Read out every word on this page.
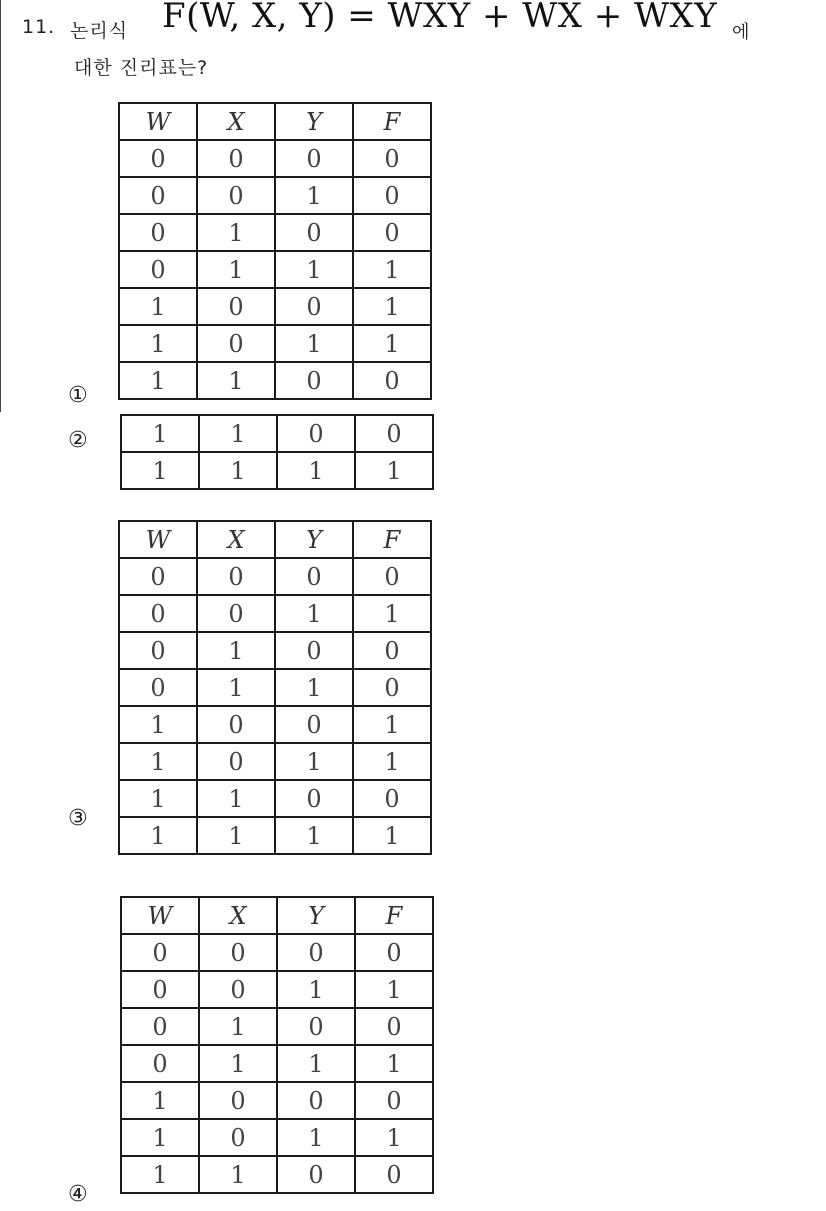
11. 논리식 F(W, X, Y) = WXY + WX + WXY 에
대한 진리표는?
W	X	Y	F
0	0	0	0
0	0	1	0
0	1	0	0
0	1	1	1
1	0	0	1
1	0	1	1
1	1	0	0
①
1	1	0	0
1	1	1	1
②
W	X	Y	F
0	0	0	0
0	0	1	1
0	1	0	0
0	1	1	0
1	0	0	1
1	0	1	1
1	1	0	0
1	1	1	1
③
W	X	Y	F
0	0	0	0
0	0	1	1
0	1	0	0
0	1	1	1
1	0	0	0
1	0	1	1
1	1	0	0
④
